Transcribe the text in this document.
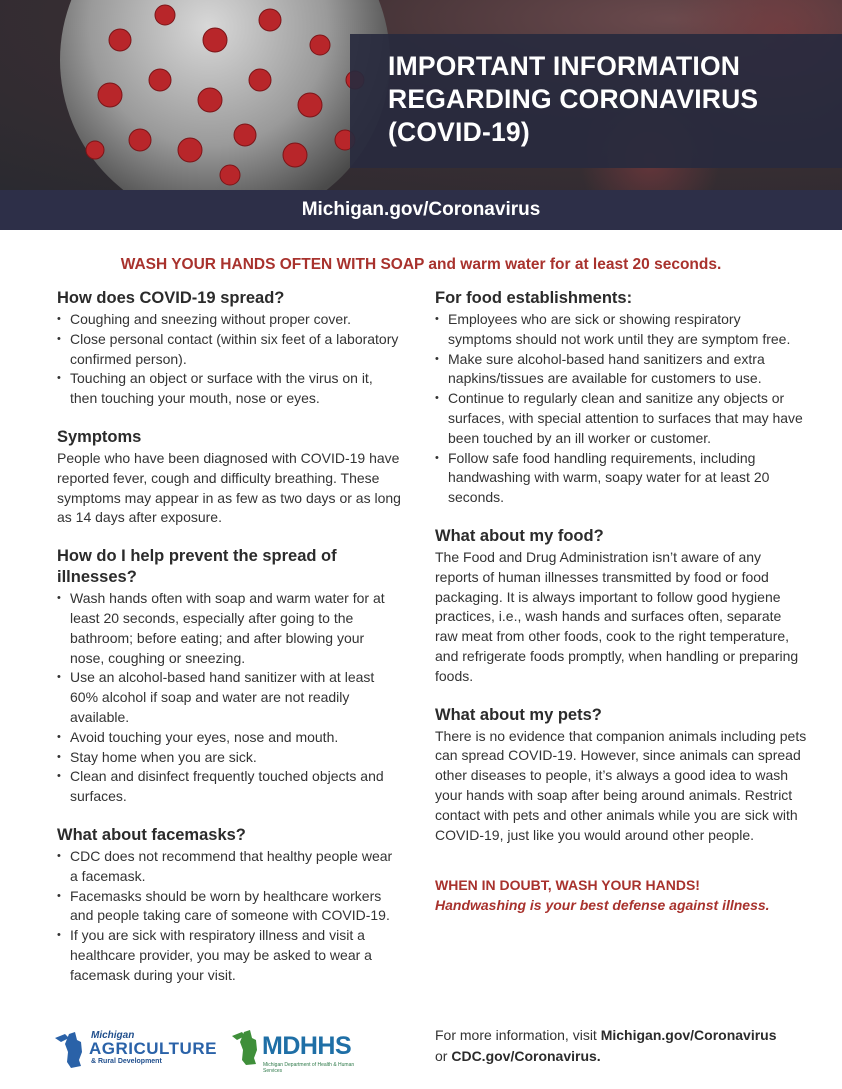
IMPORTANT INFORMATION
REGARDING CORONAVIRUS
(COVID-19)
Michigan.gov/Coronavirus
WASH YOUR HANDS OFTEN WITH SOAP and warm water for at least 20 seconds.
How does COVID-19 spread?
• Coughing and sneezing without proper cover.
• Close personal contact (within six feet of a laboratory confirmed person).
• Touching an object or surface with the virus on it, then touching your mouth, nose or eyes.
Symptoms

People who have been diagnosed with COVID-19 have reported fever, cough and difficulty breathing. These symptoms may appear in as few as two days or as long as 14 days after exposure.

How do I help prevent the spread of illnesses?
• Wash hands often with soap and warm water for at least 20 seconds, especially after going to the bathroom; before eating; and after blowing your nose, coughing or sneezing.
• Use an alcohol-based hand sanitizer with at least 60% alcohol if soap and water are not readily available.
• Avoid touching your eyes, nose and mouth.
• Stay home when you are sick.
• Clean and disinfect frequently touched objects and surfaces.
What about facemasks?
• CDC does not recommend that healthy people wear a facemask.
• Facemasks should be worn by healthcare workers and people taking care of someone with COVID-19.
• If you are sick with respiratory illness and visit a healthcare provider, you may be asked to wear a facemask during your visit.
For food establishments:
• Employees who are sick or showing respiratory symptoms should not work until they are symptom free.
• Make sure alcohol-based hand sanitizers and extra napkins/tissues are available for customers to use.
• Continue to regularly clean and sanitize any objects or surfaces, with special attention to surfaces that may have been touched by an ill worker or customer.
• Follow safe food handling requirements, including handwashing with warm, soapy water for at least 20 seconds.
What about my food?

The Food and Drug Administration isn’t aware of any reports of human illnesses transmitted by food or food packaging. It is always important to follow good hygiene practices, i.e., wash hands and surfaces often, separate raw meat from other foods, cook to the right temperature, and refrigerate foods promptly, when handling or preparing foods.

What about my pets?

There is no evidence that companion animals including pets can spread COVID-19. However, since animals can spread other diseases to people, it’s always a good idea to wash your hands with soap after being around animals. Restrict contact with pets and other animals while you are sick with COVID-19, just like you would around other people.

WHEN IN DOUBT, WASH YOUR HANDS!
Handwashing is your best defense against illness.
Michigan
AGRICULTURE
& Rural Development
MDHHS
Michigan Department of Health & Human Services
For more information, visit Michigan.gov/Coronavirus
or CDC.gov/Coronavirus.
